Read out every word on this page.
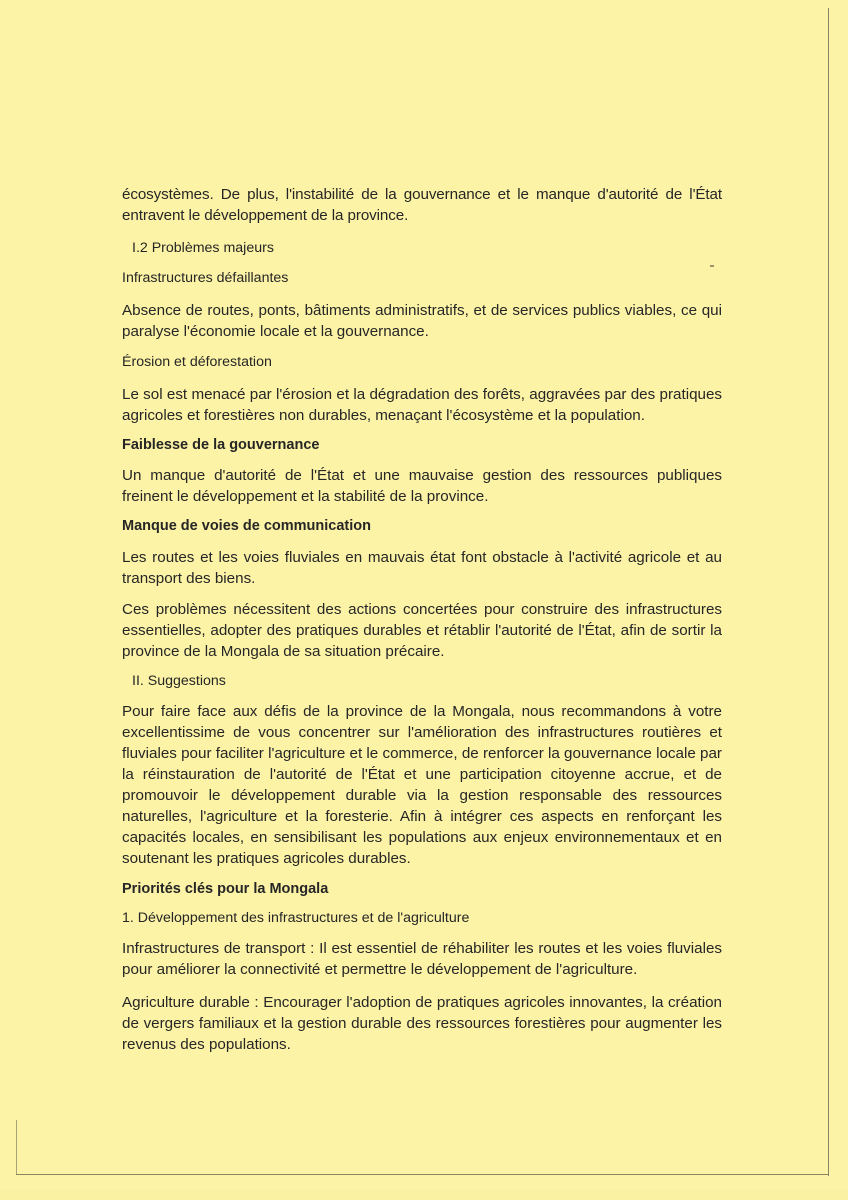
écosystèmes. De plus, l'instabilité de la gouvernance et le manque d'autorité de l'État entravent le développement de la province.

I.2 Problèmes majeurs

Infrastructures défaillantes

Absence de routes, ponts, bâtiments administratifs, et de services publics viables, ce qui paralyse l'économie locale et la gouvernance.

Érosion et déforestation

Le sol est menacé par l'érosion et la dégradation des forêts, aggravées par des pratiques agricoles et forestières non durables, menaçant l'écosystème et la population.

Faiblesse de la gouvernance

Un manque d'autorité de l'État et une mauvaise gestion des ressources publiques freinent le développement et la stabilité de la province.

Manque de voies de communication

Les routes et les voies fluviales en mauvais état font obstacle à l'activité agricole et au transport des biens.

Ces problèmes nécessitent des actions concertées pour construire des infrastructures essentielles, adopter des pratiques durables et rétablir l'autorité de l'État, afin de sortir la province de la Mongala de sa situation précaire.

II. Suggestions

Pour faire face aux défis de la province de la Mongala, nous recommandons à votre excellentissime de vous concentrer sur l'amélioration des infrastructures routières et fluviales pour faciliter l'agriculture et le commerce, de renforcer la gouvernance locale par la réinstauration de l'autorité de l'État et une participation citoyenne accrue, et de promouvoir le développement durable via la gestion responsable des ressources naturelles, l'agriculture et la foresterie. Afin à intégrer ces aspects en renforçant les capacités locales, en sensibilisant les populations aux enjeux environnementaux et en soutenant les pratiques agricoles durables.

Priorités clés pour la Mongala

1. Développement des infrastructures et de l'agriculture

Infrastructures de transport : Il est essentiel de réhabiliter les routes et les voies fluviales pour améliorer la connectivité et permettre le développement de l'agriculture.

Agriculture durable : Encourager l'adoption de pratiques agricoles innovantes, la création de vergers familiaux et la gestion durable des ressources forestières pour augmenter les revenus des populations.
